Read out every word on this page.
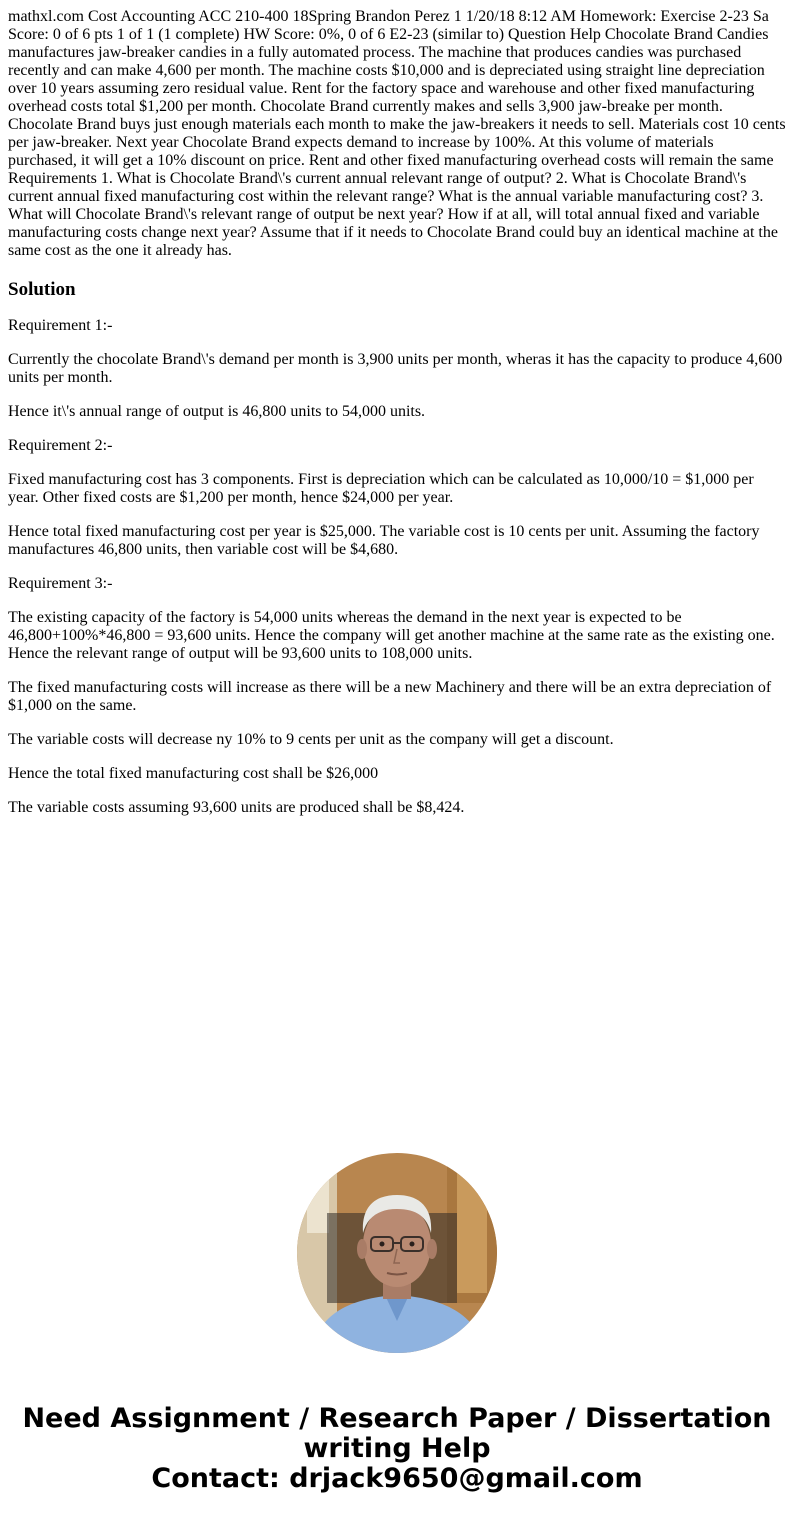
mathxl.com Cost Accounting ACC 210-400 18Spring Brandon Perez 1 1/20/18 8:12 AM Homework: Exercise 2-23 Sa Score: 0 of 6 pts 1 of 1 (1 complete) HW Score: 0%, 0 of 6 E2-23 (similar to) Question Help Chocolate Brand Candies manufactures jaw-breaker candies in a fully automated process. The machine that produces candies was purchased recently and can make 4,600 per month. The machine costs $10,000 and is depreciated using straight line depreciation over 10 years assuming zero residual value. Rent for the factory space and warehouse and other fixed manufacturing overhead costs total $1,200 per month. Chocolate Brand currently makes and sells 3,900 jaw-breake per month. Chocolate Brand buys just enough materials each month to make the jaw-breakers it needs to sell. Materials cost 10 cents per jaw-breaker. Next year Chocolate Brand expects demand to increase by 100%. At this volume of materials purchased, it will get a 10% discount on price. Rent and other fixed manufacturing overhead costs will remain the same Requirements 1. What is Chocolate Brand\'s current annual relevant range of output? 2. What is Chocolate Brand\'s current annual fixed manufacturing cost within the relevant range? What is the annual variable manufacturing cost? 3. What will Chocolate Brand\'s relevant range of output be next year? How if at all, will total annual fixed and variable manufacturing costs change next year? Assume that if it needs to Chocolate Brand could buy an identical machine at the same cost as the one it already has.
Solution

Requirement 1:-

Currently the chocolate Brand\'s demand per month is 3,900 units per month, wheras it has the capacity to produce 4,600 units per month.

Hence it\'s annual range of output is 46,800 units to 54,000 units.

Requirement 2:-

Fixed manufacturing cost has 3 components. First is depreciation which can be calculated as 10,000/10 = $1,000 per year. Other fixed costs are $1,200 per month, hence $24,000 per year.

Hence total fixed manufacturing cost per year is $25,000. The variable cost is 10 cents per unit. Assuming the factory manufactures 46,800 units, then variable cost will be $4,680.

Requirement 3:-

The existing capacity of the factory is 54,000 units whereas the demand in the next year is expected to be 46,800+100%*46,800 = 93,600 units. Hence the company will get another machine at the same rate as the existing one. Hence the relevant range of output will be 93,600 units to 108,000 units.

The fixed manufacturing costs will increase as there will be a new Machinery and there will be an extra depreciation of $1,000 on the same.

The variable costs will decrease ny 10% to 9 cents per unit as the company will get a discount.

Hence the total fixed manufacturing cost shall be $26,000

The variable costs assuming 93,600 units are produced shall be $8,424.

Need Assignment / Research Paper / Dissertation
writing Help
Contact: drjack9650@gmail.com
